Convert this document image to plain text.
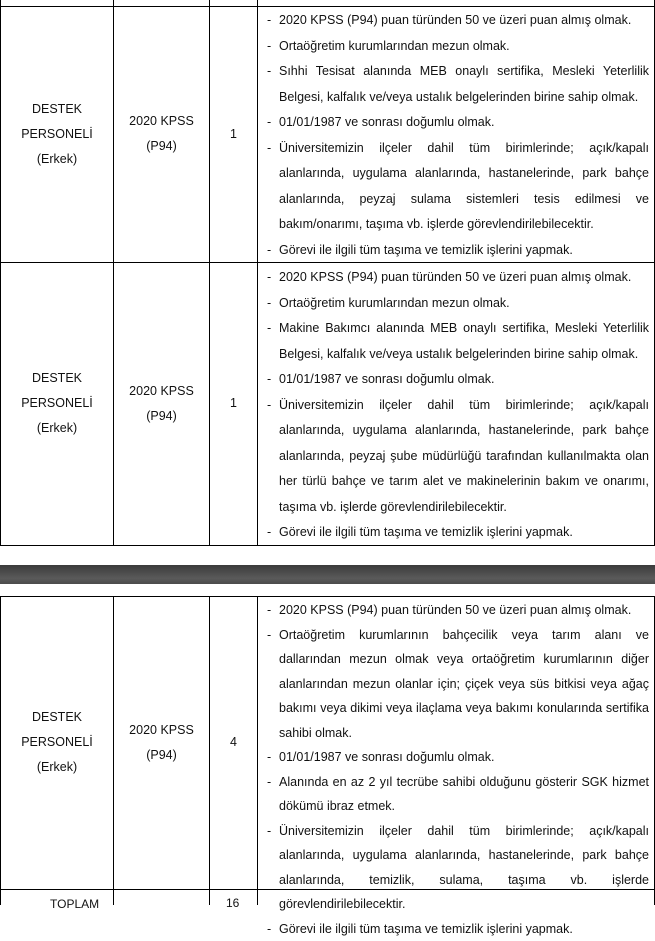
DESTEK
PERSONELİ
(Erkek)
2020 KPSS (P94)
1
- 2020 KPSS (P94) puan türünden 50 ve üzeri puan almış olmak.
- Ortaöğretim kurumlarından mezun olmak.
- Sıhhi Tesisat alanında MEB onaylı sertifika, Mesleki Yeterlilik Belgesi, kalfalık ve/veya ustalık belgelerinden birine sahip olmak.
- 01/01/1987 ve sonrası doğumlu olmak.
- Üniversitemizin ilçeler dahil tüm birimlerinde; açık/kapalı alanlarında, uygulama alanlarında, hastanelerinde, park bahçe alanlarında, peyzaj sulama sistemleri tesis edilmesi ve bakım/onarımı, taşıma vb. işlerde görevlendirilebilecektir.
- Görevi ile ilgili tüm taşıma ve temizlik işlerini yapmak.
DESTEK
PERSONELİ
(Erkek)
2020 KPSS (P94)
1
- 2020 KPSS (P94) puan türünden 50 ve üzeri puan almış olmak.
- Ortaöğretim kurumlarından mezun olmak.
- Makine Bakımcı alanında MEB onaylı sertifika, Mesleki Yeterlilik Belgesi, kalfalık ve/veya ustalık belgelerinden birine sahip olmak.
- 01/01/1987 ve sonrası doğumlu olmak.
- Üniversitemizin ilçeler dahil tüm birimlerinde; açık/kapalı alanlarında, uygulama alanlarında, hastanelerinde, park bahçe alanlarında, peyzaj şube müdürlüğü tarafından kullanılmakta olan her türlü bahçe ve tarım alet ve makinelerinin bakım ve onarımı, taşıma vb. işlerde görevlendirilebilecektir.
- Görevi ile ilgili tüm taşıma ve temizlik işlerini yapmak.
DESTEK
PERSONELİ
(Erkek)
2020 KPSS (P94)
4
- 2020 KPSS (P94) puan türünden 50 ve üzeri puan almış olmak.
- Ortaöğretim kurumlarının bahçecilik veya tarım alanı ve dallarından mezun olmak veya ortaöğretim kurumlarının diğer alanlarından mezun olanlar için; çiçek veya süs bitkisi veya ağaç bakımı veya dikimi veya ilaçlama veya bakımı konularında sertifika sahibi olmak.
- 01/01/1987 ve sonrası doğumlu olmak.
- Alanında en az 2 yıl tecrübe sahibi olduğunu gösterir SGK hizmet dökümü ibraz etmek.
- Üniversitemizin ilçeler dahil tüm birimlerinde; açık/kapalı alanlarında, uygulama alanlarında, hastanelerinde, park bahçe alanlarında, temizlik, sulama, taşıma vb. işlerde görevlendirilebilecektir.
- Görevi ile ilgili tüm taşıma ve temizlik işlerini yapmak.
TOPLAM	16
